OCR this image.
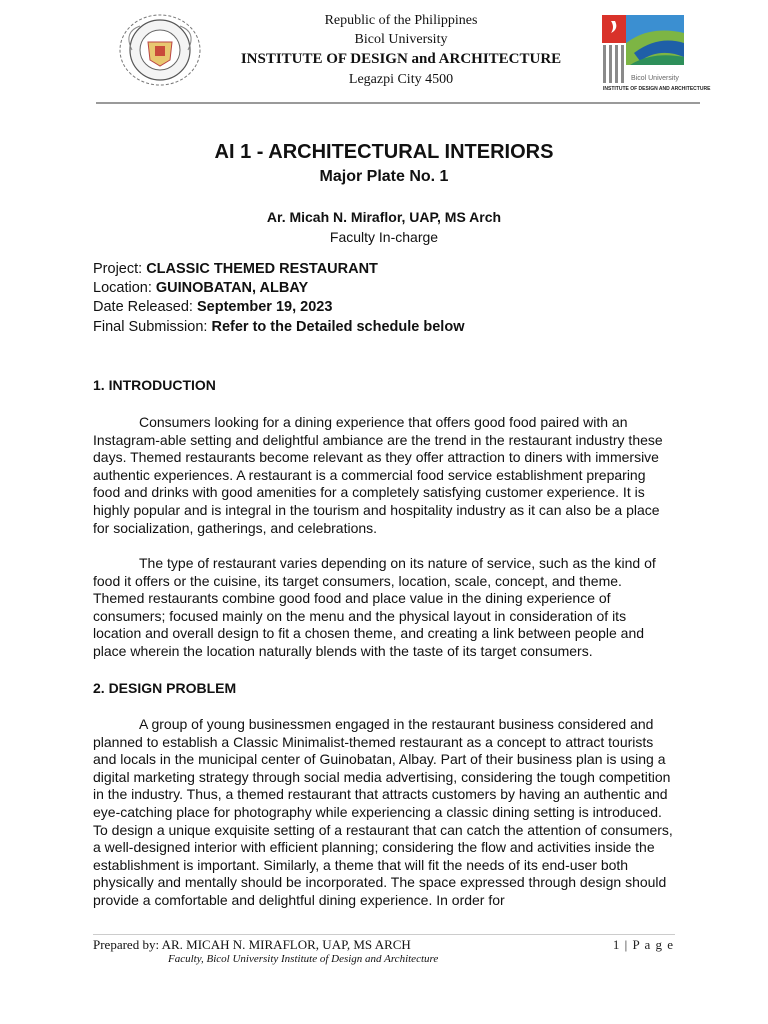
Republic of the Philippines
Bicol University
INSTITUTE OF DESIGN and ARCHITECTURE
Legazpi City 4500	Bicol University
INSTITUTE OF DESIGN AND ARCHITECTURE
AI 1 - ARCHITECTURAL INTERIORS
Major Plate No. 1
Ar. Micah N. Miraflor, UAP, MS Arch
Faculty In-charge
Project: CLASSIC THEMED RESTAURANT
Location: GUINOBATAN, ALBAY
Date Released: September 19, 2023
Final Submission: Refer to the Detailed schedule below
1. INTRODUCTION
Consumers looking for a dining experience that offers good food paired with an Instagram-able setting and delightful ambiance are the trend in the restaurant industry these days. Themed restaurants become relevant as they offer attraction to diners with immersive authentic experiences. A restaurant is a commercial food service establishment preparing food and drinks with good amenities for a completely satisfying customer experience. It is highly popular and is integral in the tourism and hospitality industry as it can also be a place for socialization, gatherings, and celebrations.
The type of restaurant varies depending on its nature of service, such as the kind of food it offers or the cuisine, its target consumers, location, scale, concept, and theme. Themed restaurants combine good food and place value in the dining experience of consumers; focused mainly on the menu and the physical layout in consideration of its location and overall design to fit a chosen theme, and creating a link between people and place wherein the location naturally blends with the taste of its target consumers.
2. DESIGN PROBLEM
A group of young businessmen engaged in the restaurant business considered and planned to establish a Classic Minimalist-themed restaurant as a concept to attract tourists and locals in the municipal center of Guinobatan, Albay. Part of their business plan is using a digital marketing strategy through social media advertising, considering the tough competition in the industry. Thus, a themed restaurant that attracts customers by having an authentic and eye-catching place for photography while experiencing a classic dining setting is introduced. To design a unique exquisite setting of a restaurant that can catch the attention of consumers, a well-designed interior with efficient planning; considering the flow and activities inside the establishment is important. Similarly, a theme that will fit the needs of its end-user both physically and mentally should be incorporated. The space expressed through design should provide a comfortable and delightful dining experience. In order for
Prepared by: AR. MICAH N. MIRAFLOR, UAP, MS ARCH
Faculty, Bicol University Institute of Design and Architecture
1 | P a g e
